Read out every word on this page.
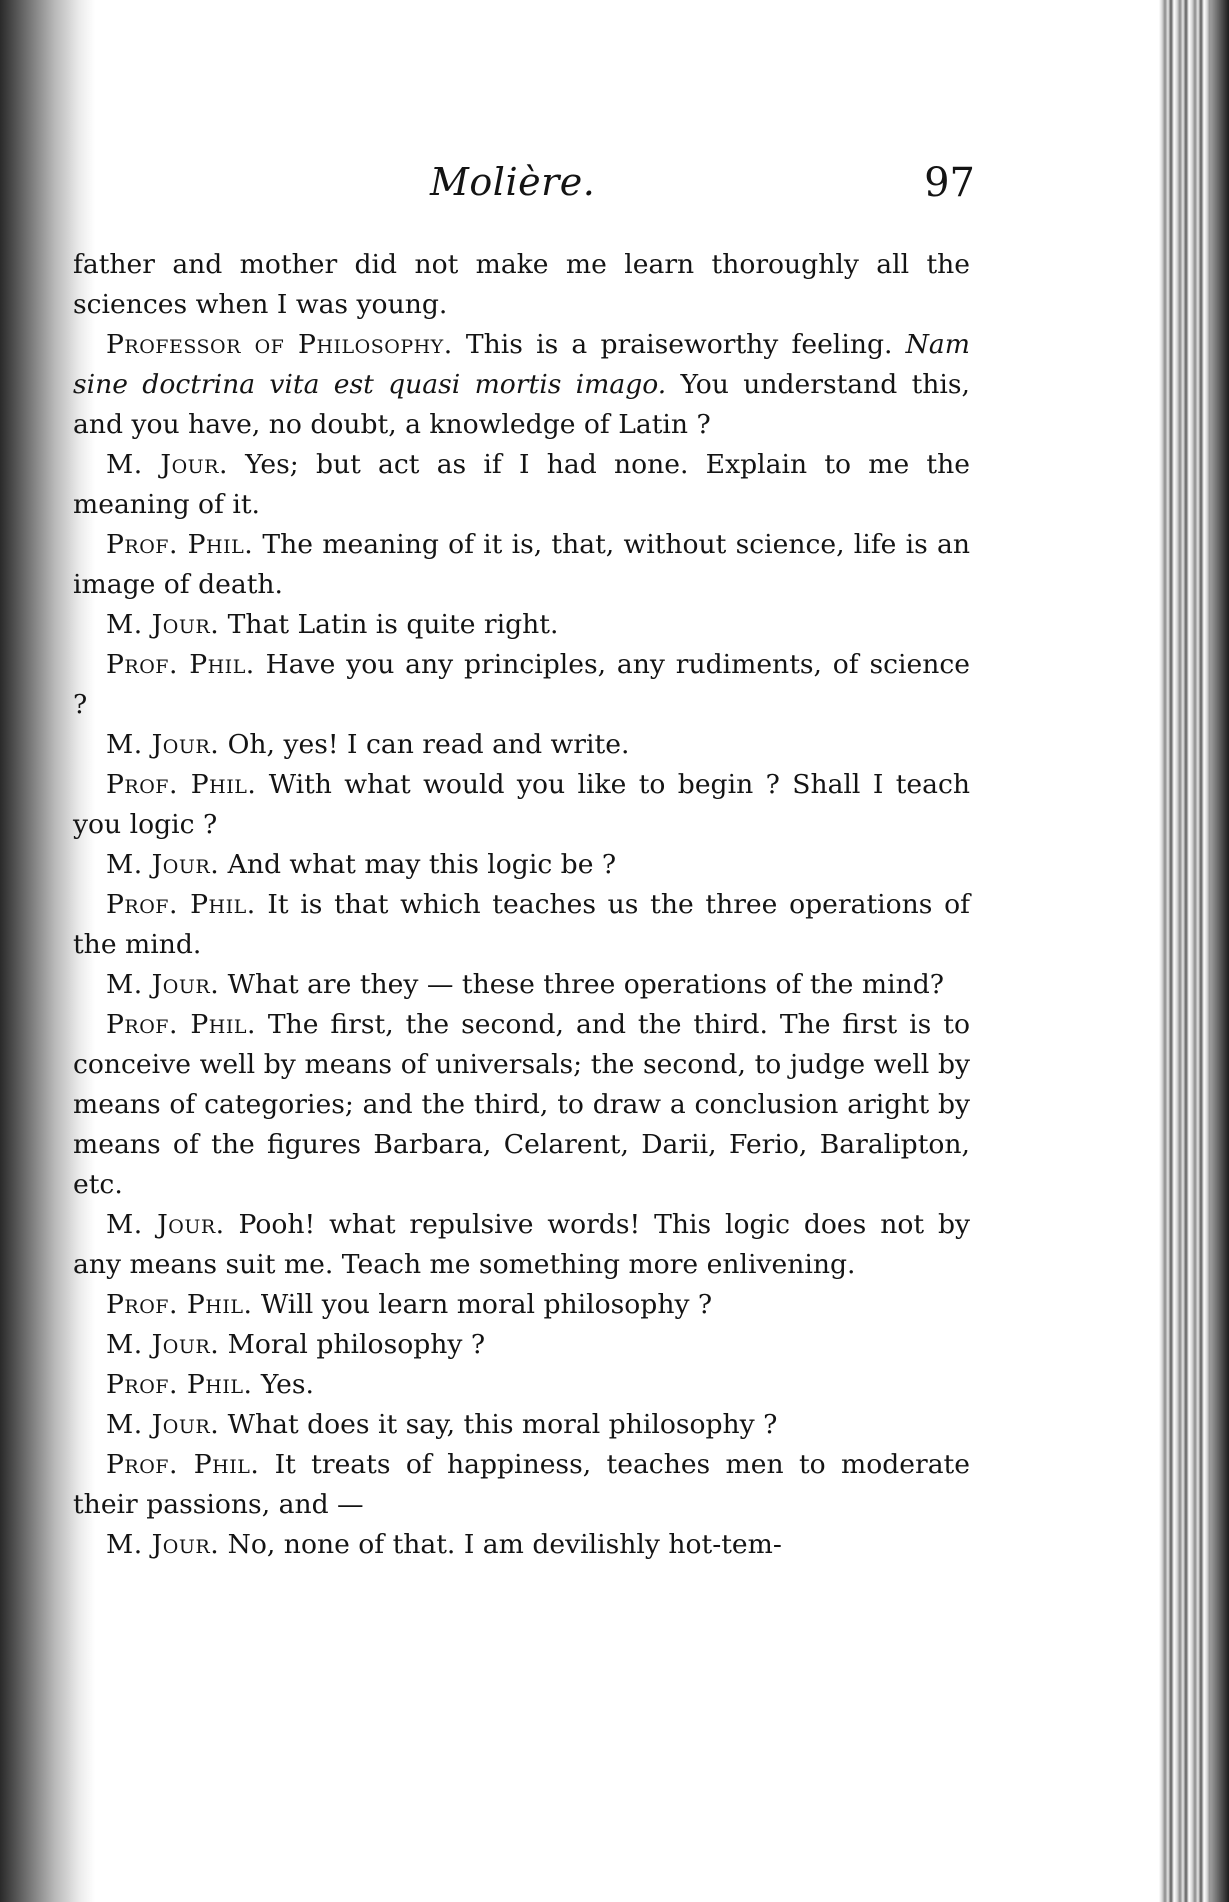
Molière.	97

father and mother did not make me learn thoroughly all the sciences when I was young.

Professor of Philosophy. This is a praiseworthy feeling. Nam sine doctrina vita est quasi mortis imago. You understand this, and you have, no doubt, a knowledge of Latin ?

M. Jour. Yes; but act as if I had none. Explain to me the meaning of it.

Prof. Phil. The meaning of it is, that, without science, life is an image of death.

M. Jour. That Latin is quite right.

Prof. Phil. Have you any principles, any rudiments, of science ?

M. Jour. Oh, yes! I can read and write.

Prof. Phil. With what would you like to begin ? Shall I teach you logic ?

M. Jour. And what may this logic be ?

Prof. Phil. It is that which teaches us the three operations of the mind.

M. Jour. What are they — these three operations of the mind?

Prof. Phil. The first, the second, and the third. The first is to conceive well by means of universals; the second, to judge well by means of categories; and the third, to draw a conclusion aright by means of the figures Barbara, Celarent, Darii, Ferio, Baralipton, etc.

M. Jour. Pooh! what repulsive words! This logic does not by any means suit me. Teach me something more enlivening.

Prof. Phil. Will you learn moral philosophy ?

M. Jour. Moral philosophy ?

Prof. Phil. Yes.

M. Jour. What does it say, this moral philosophy ?

Prof. Phil. It treats of happiness, teaches men to moderate their passions, and —

M. Jour. No, none of that. I am devilishly hot-tem-
